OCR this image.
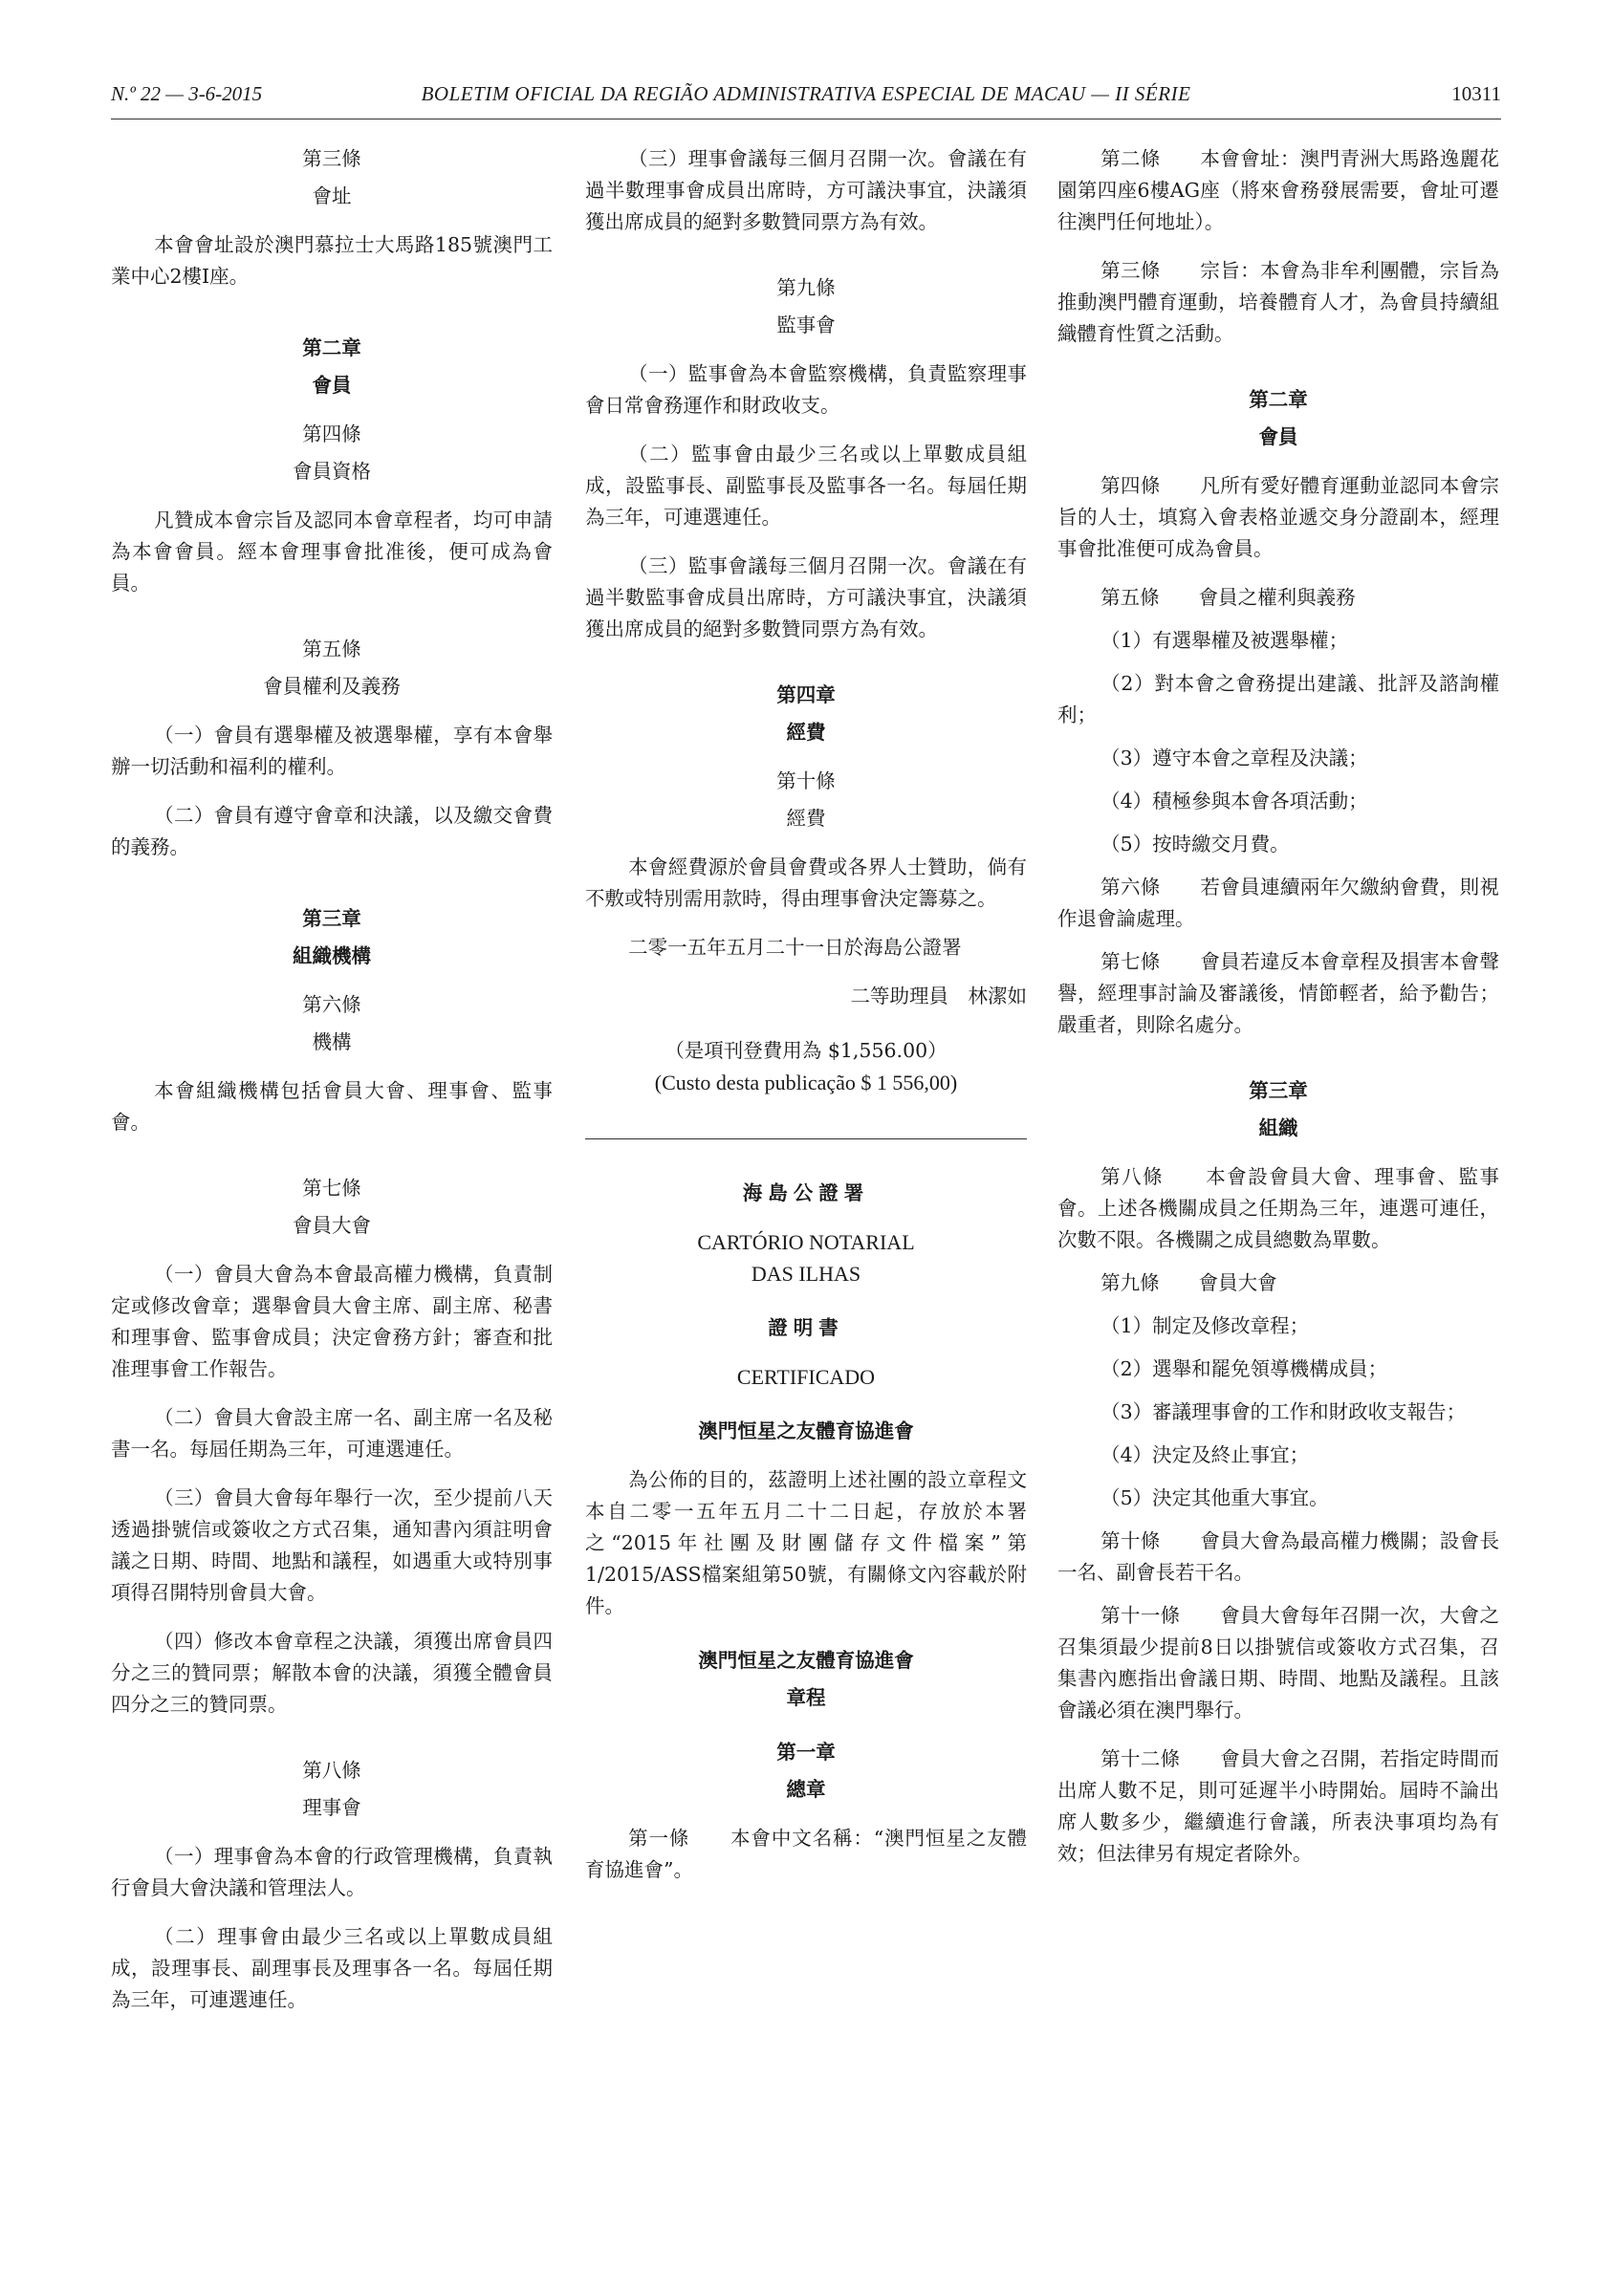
N.º 22 — 3-6-2015	BOLETIM OFICIAL DA REGIÃO ADMINISTRATIVA ESPECIAL DE MACAU — II SÉRIE	10311

第三條

會址

本會會址設於澳門慕拉士大馬路185號澳門工業中心2樓I座。

第二章

會員

第四條

會員資格

凡贊成本會宗旨及認同本會章程者，均可申請為本會會員。經本會理事會批准後，便可成為會員。

第五條

會員權利及義務

（一）會員有選舉權及被選舉權，享有本會舉辦一切活動和福利的權利。

（二）會員有遵守會章和決議，以及繳交會費的義務。

第三章

組織機構

第六條

機構

本會組織機構包括會員大會、理事會、監事會。

第七條

會員大會

（一）會員大會為本會最高權力機構，負責制定或修改會章；選舉會員大會主席、副主席、秘書和理事會、監事會成員；決定會務方針；審查和批准理事會工作報告。

（二）會員大會設主席一名、副主席一名及秘書一名。每屆任期為三年，可連選連任。

（三）會員大會每年舉行一次，至少提前八天透過掛號信或簽收之方式召集，通知書內須註明會議之日期、時間、地點和議程，如遇重大或特別事項得召開特別會員大會。

（四）修改本會章程之決議，須獲出席會員四分之三的贊同票；解散本會的決議，須獲全體會員四分之三的贊同票。

第八條

理事會

（一）理事會為本會的行政管理機構，負責執行會員大會決議和管理法人。

（二）理事會由最少三名或以上單數成員組成，設理事長、副理事長及理事各一名。每屆任期為三年，可連選連任。

（三）理事會議每三個月召開一次。會議在有過半數理事會成員出席時，方可議決事宜，決議須獲出席成員的絕對多數贊同票方為有效。

第九條

監事會

（一）監事會為本會監察機構，負責監察理事會日常會務運作和財政收支。

（二）監事會由最少三名或以上單數成員組成，設監事長、副監事長及監事各一名。每屆任期為三年，可連選連任。

（三）監事會議每三個月召開一次。會議在有過半數監事會成員出席時，方可議決事宜，決議須獲出席成員的絕對多數贊同票方為有效。

第四章

經費

第十條

經費

本會經費源於會員會費或各界人士贊助，倘有不敷或特別需用款時，得由理事會決定籌募之。

二零一五年五月二十一日於海島公證署

二等助理員　林潔如

（是項刊登費用為 $1,556.00）

(Custo desta publicação $ 1 556,00)

海島公證署

CARTÓRIO NOTARIAL

DAS ILHAS

證明書

CERTIFICADO

澳門恒星之友體育協進會

為公佈的目的，茲證明上述社團的設立章程文本自二零一五年五月二十二日起，存放於本署之“2015年社團及財團儲存文件檔案”第1/2015/ASS檔案組第50號，有關條文內容載於附件。

澳門恒星之友體育協進會

章程

第一章

總章

第一條　　本會中文名稱：“澳門恒星之友體育協進會”。

第二條　　本會會址：澳門青洲大馬路逸麗花園第四座6樓AG座（將來會務發展需要，會址可遷往澳門任何地址）。

第三條　　宗旨：本會為非牟利團體，宗旨為推動澳門體育運動，培養體育人才，為會員持續組織體育性質之活動。

第二章

會員

第四條　　凡所有愛好體育運動並認同本會宗旨的人士，填寫入會表格並遞交身分證副本，經理事會批准便可成為會員。

第五條　　會員之權利與義務

（1）有選舉權及被選舉權；

（2）對本會之會務提出建議、批評及諮詢權利；

（3）遵守本會之章程及決議；

（4）積極參與本會各項活動；

（5）按時繳交月費。

第六條　　若會員連續兩年欠繳納會費，則視作退會論處理。

第七條　　會員若違反本會章程及損害本會聲譽，經理事討論及審議後，情節輕者，給予勸告；嚴重者，則除名處分。

第三章

組織

第八條　　本會設會員大會、理事會、監事會。上述各機關成員之任期為三年，連選可連任，次數不限。各機關之成員總數為單數。

第九條　　會員大會

（1）制定及修改章程；

（2）選舉和罷免領導機構成員；

（3）審議理事會的工作和財政收支報告；

（4）決定及終止事宜；

（5）決定其他重大事宜。

第十條　　會員大會為最高權力機關；設會長一名、副會長若干名。

第十一條　　會員大會每年召開一次，大會之召集須最少提前8日以掛號信或簽收方式召集，召集書內應指出會議日期、時間、地點及議程。且該會議必須在澳門舉行。

第十二條　　會員大會之召開，若指定時間而出席人數不足，則可延遲半小時開始。屆時不論出席人數多少，繼續進行會議，所表決事項均為有效；但法律另有規定者除外。
